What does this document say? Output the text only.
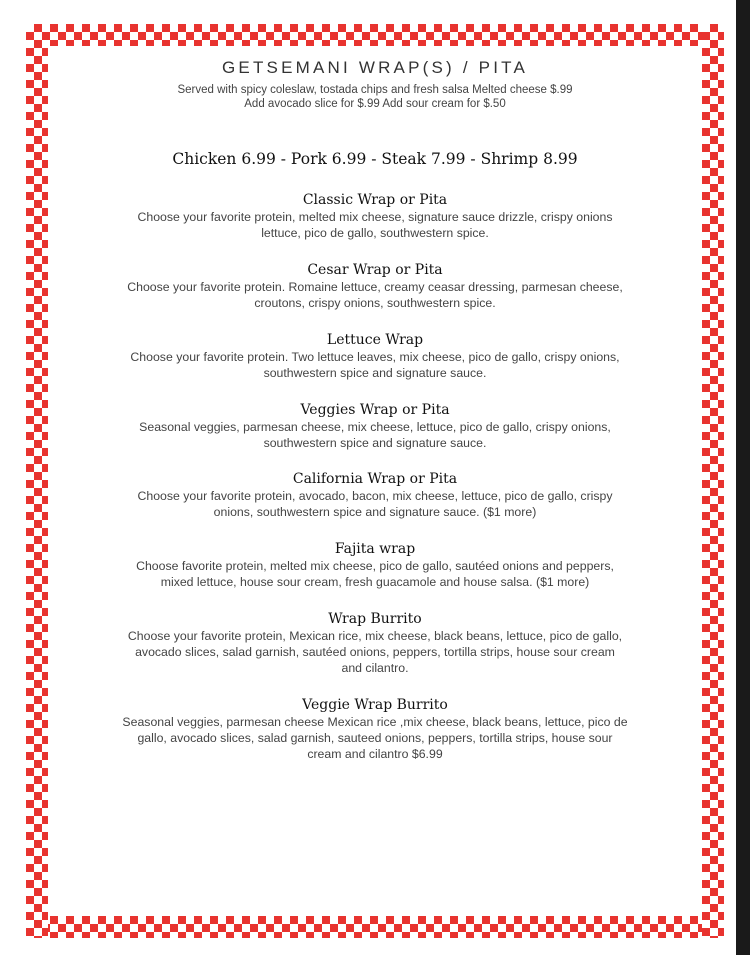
GETSEMANI WRAP(S) / PITA
Served with spicy coleslaw, tostada chips and fresh salsa Melted cheese $.99
Add avocado slice for $.99 Add sour cream for $.50
Chicken 6.99 - Pork 6.99 - Steak 7.99 - Shrimp 8.99
Classic Wrap or Pita
Choose your favorite protein, melted mix cheese, signature sauce drizzle, crispy onions
lettuce, pico de gallo, southwestern spice.
Cesar Wrap or Pita
Choose your favorite protein. Romaine lettuce, creamy ceasar dressing, parmesan cheese,
croutons, crispy onions, southwestern spice.
Lettuce Wrap
Choose your favorite protein. Two lettuce leaves, mix cheese, pico de gallo, crispy onions,
southwestern spice and signature sauce.
Veggies Wrap or Pita
Seasonal veggies, parmesan cheese, mix cheese, lettuce, pico de gallo, crispy onions,
southwestern spice and signature sauce.
California Wrap or Pita
Choose your favorite protein, avocado, bacon, mix cheese, lettuce, pico de gallo, crispy
onions, southwestern spice and signature sauce. ($1 more)
Fajita wrap
Choose favorite protein, melted mix cheese, pico de gallo, sautéed onions and peppers,
mixed lettuce, house sour cream, fresh guacamole and house salsa. ($1 more)
Wrap Burrito
Choose your favorite protein, Mexican rice, mix cheese, black beans, lettuce, pico de gallo,
avocado slices, salad garnish, sautéed onions, peppers, tortilla strips, house sour cream
and cilantro.
Veggie Wrap Burrito
Seasonal veggies, parmesan cheese Mexican rice ,mix cheese, black beans, lettuce, pico de
gallo, avocado slices, salad garnish, sauteed onions, peppers, tortilla strips, house sour
cream and cilantro $6.99
